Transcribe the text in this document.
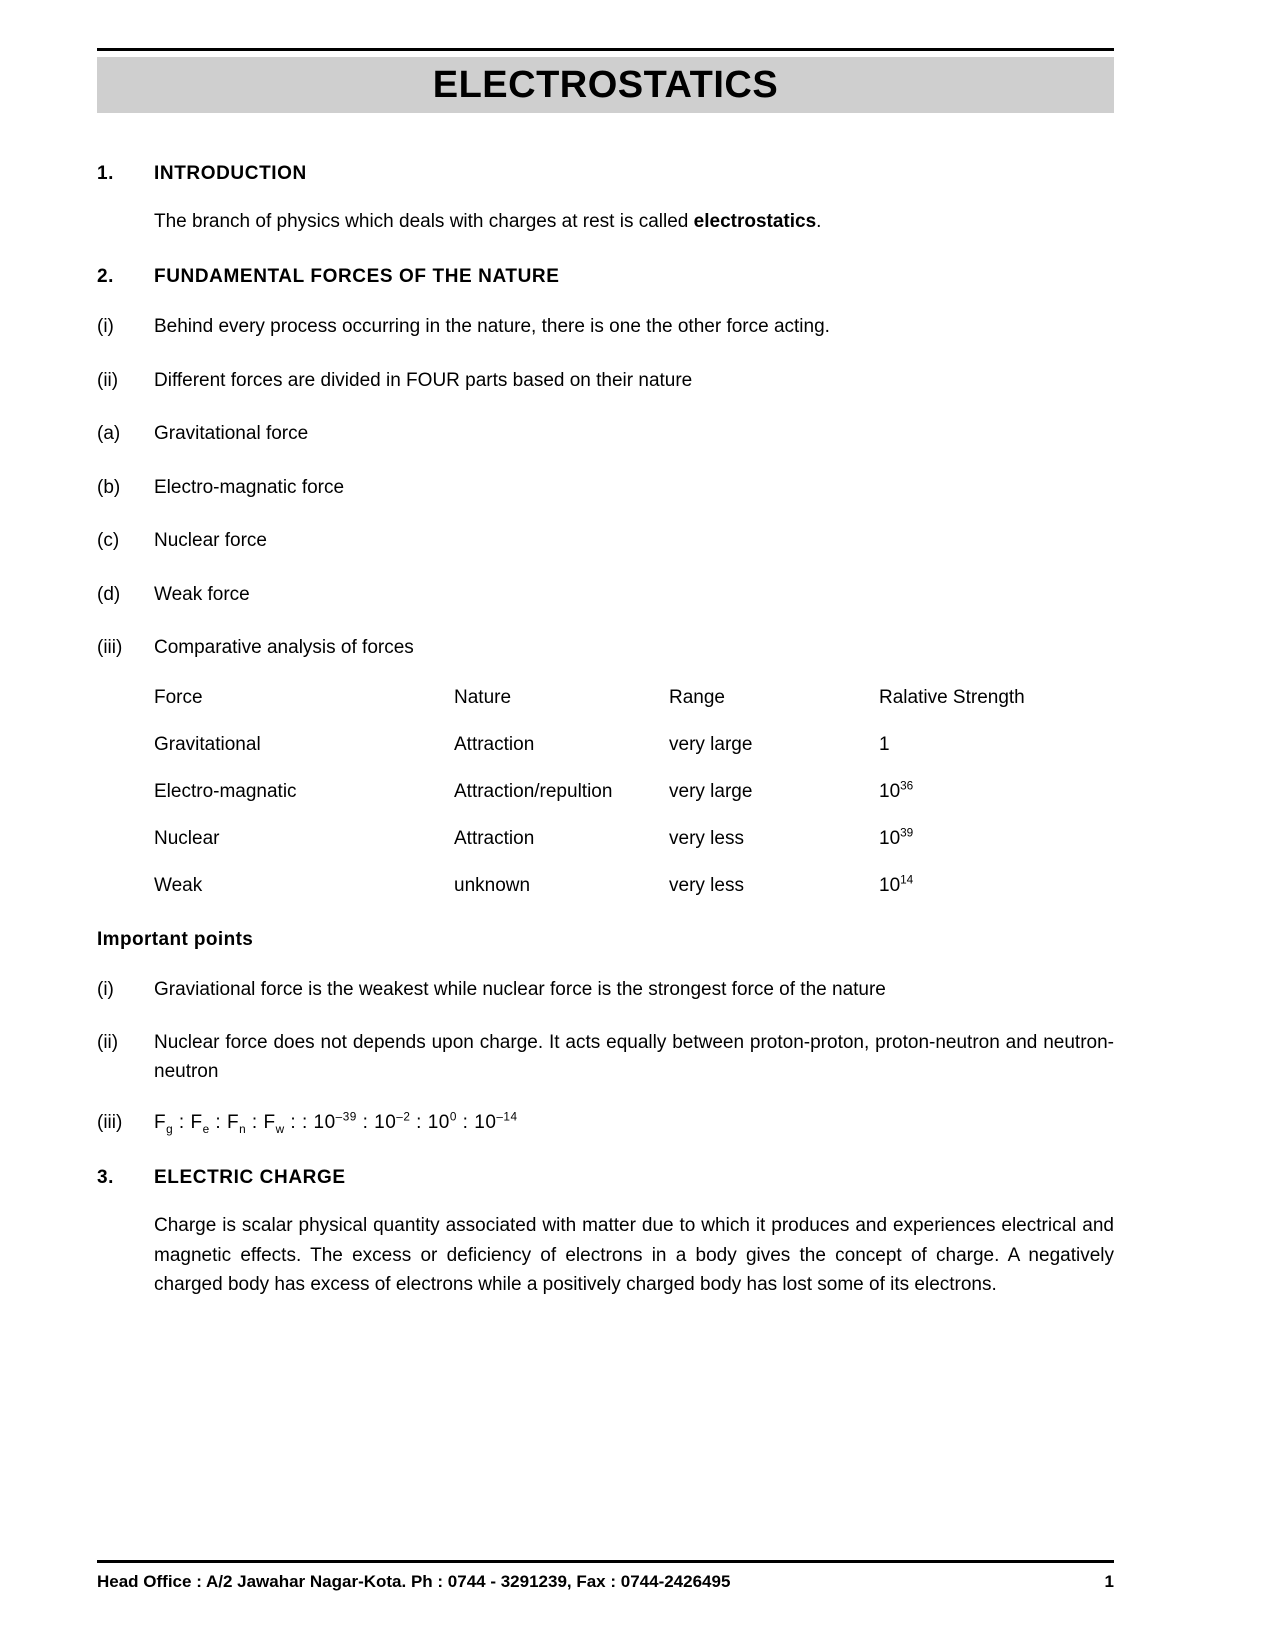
ELECTROSTATICS
1.	INTRODUCTION
The branch of physics which deals with charges at rest is called electrostatics.
2.	FUNDAMENTAL FORCES OF THE NATURE
(i)	Behind every process occurring in the nature, there is one the other force acting.
(ii)	Different forces are divided in FOUR parts based on their nature
(a)	Gravitational force
(b)	Electro-magnatic force
(c)	Nuclear force
(d)	Weak force
(iii)	Comparative analysis of forces
Force	Nature	Range	Ralative Strength
Gravitational	Attraction	very large	1
Electro-magnatic	Attraction/repultion	very large	$10^{36}$
Nuclear	Attraction	very less	$10^{39}$
Weak	unknown	very less	$10^{14}$
Important points
(i)	Graviational force is the weakest while nuclear force is the strongest force of the nature
(ii)	Nuclear force does not depends upon charge. It acts equally between proton-proton, proton-neutron and neutron-neutron
(iii)	$F_g$ : $F_e$ : $F_n$ : $F_w$ : : $10^{-39}$ : $10^{-2}$ : $10^0$ : $10^{-14}$
3.	ELECTRIC CHARGE
Charge is scalar physical quantity associated with matter due to which it produces and experiences electrical and magnetic effects. The excess or deficiency of electrons in a body gives the concept of charge. A negatively charged body has excess of electrons while a positively charged body has lost some of its electrons.
Head Office : A/2 Jawahar Nagar-Kota. Ph : 0744 - 3291239, Fax : 0744-2426495	1
